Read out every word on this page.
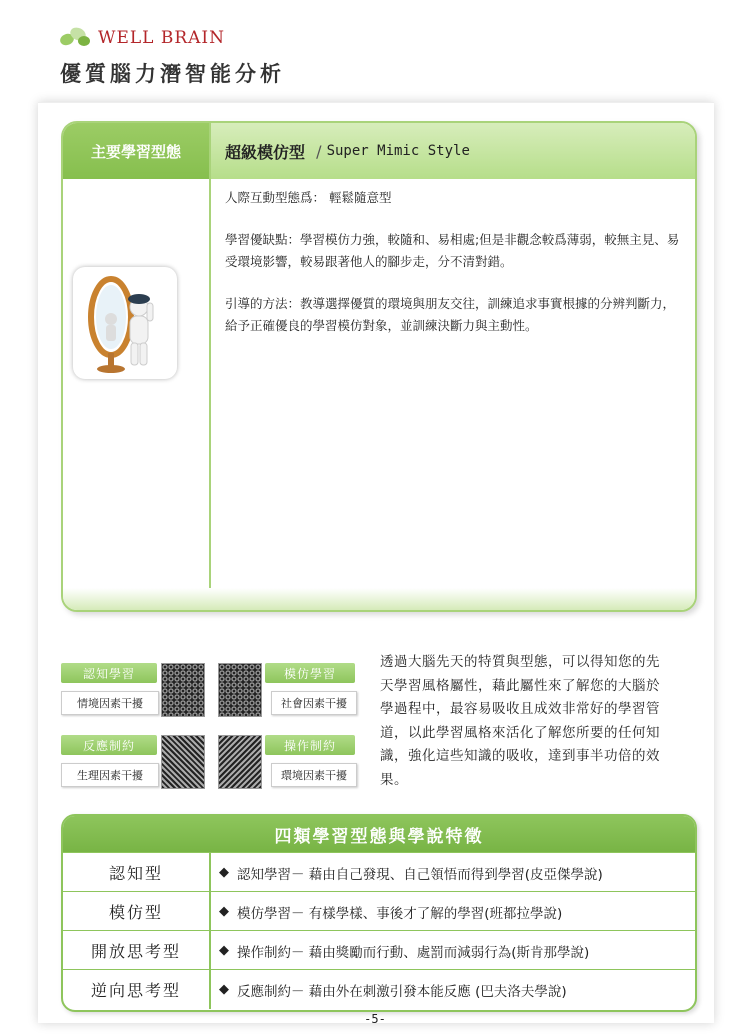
WELL BRAIN
優質腦力潛智能分析
主要學習型態	超級模仿型 / Super Mimic Style

人際互動型態爲： 輕鬆隨意型

學習優缺點：學習模仿力強，較隨和、易相處;但是非觀念較爲薄弱，較無主見、易受環境影響，較易跟著他人的腳步走，分不清對錯。

引導的方法：教導選擇優質的環境與朋友交往，訓練追求事實根據的分辨判斷力，給予正確優良的學習模仿對象，並訓練決斷力與主動性。

認知學習
情境因素干擾
模仿學習
社會因素干擾
反應制約
生理因素干擾
操作制約
環境因素干擾
透過大腦先天的特質與型態，可以得知您的先天學習風格屬性，藉此屬性來了解您的大腦於學過程中，最容易吸收且成效非常好的學習管道，以此學習風格來活化了解您所要的任何知識，強化這些知識的吸收，達到事半功倍的效果。
四類學習型態與學說特徵
認知型	◆ 認知學習－ 藉由自己發現、自己領悟而得到學習(皮亞傑學說)
模仿型	◆ 模仿學習－ 有樣學樣、事後才了解的學習(班都拉學說)
開放思考型	◆ 操作制約－ 藉由獎勵而行動、處罰而減弱行為(斯肯那學說)
逆向思考型	◆ 反應制約－ 藉由外在刺激引發本能反應 (巴夫洛夫學說)
-5-
